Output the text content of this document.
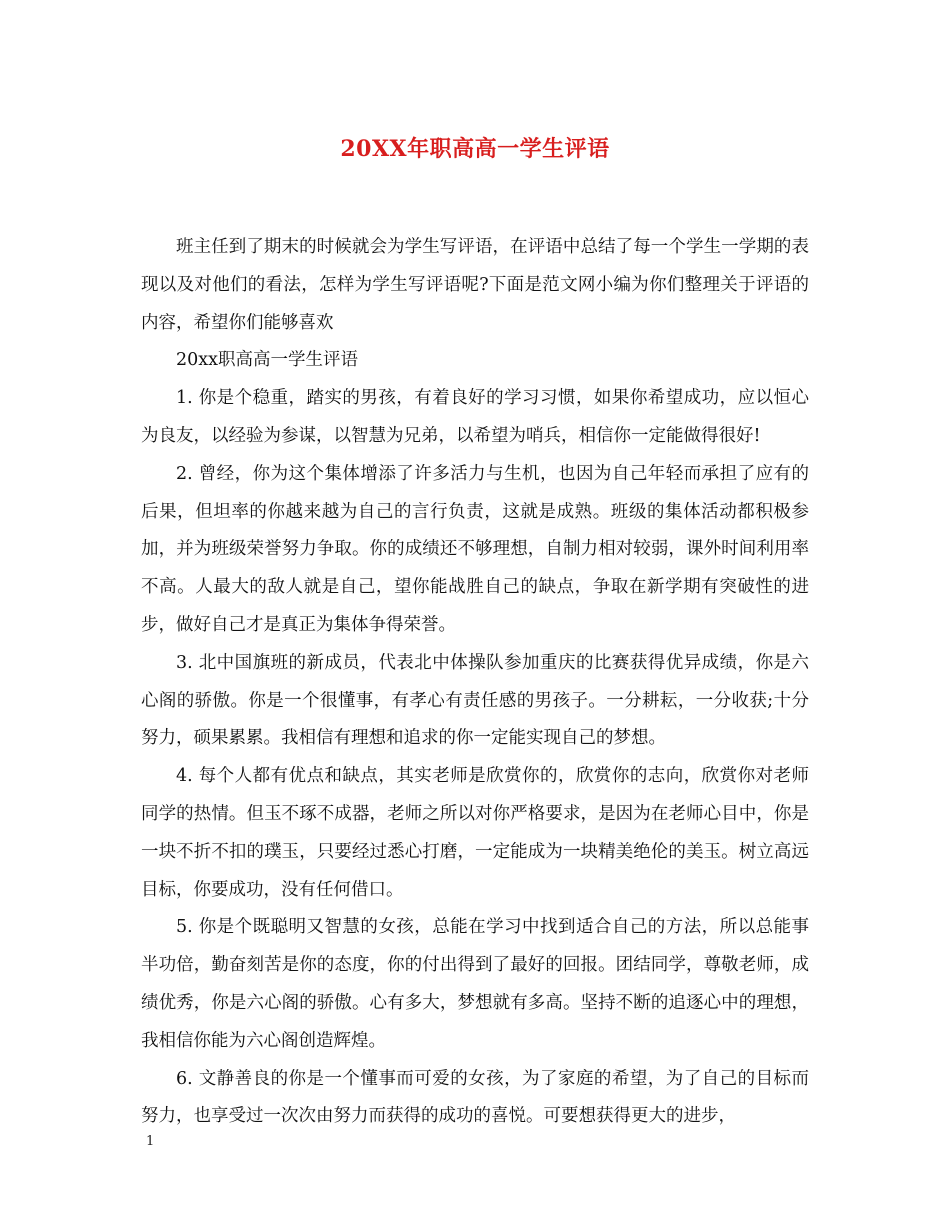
20XX年职高高一学生评语

班主任到了期末的时候就会为学生写评语，在评语中总结了每一个学生一学期的表现以及对他们的看法，怎样为学生写评语呢?下面是范文网小编为你们整理关于评语的内容，希望你们能够喜欢

20xx职高高一学生评语

1. 你是个稳重，踏实的男孩，有着良好的学习习惯，如果你希望成功，应以恒心为良友，以经验为参谋，以智慧为兄弟，以希望为哨兵，相信你一定能做得很好!

2. 曾经，你为这个集体增添了许多活力与生机，也因为自己年轻而承担了应有的后果，但坦率的你越来越为自己的言行负责，这就是成熟。班级的集体活动都积极参加，并为班级荣誉努力争取。你的成绩还不够理想，自制力相对较弱，课外时间利用率不高。人最大的敌人就是自己，望你能战胜自己的缺点，争取在新学期有突破性的进步，做好自己才是真正为集体争得荣誉。

3. 北中国旗班的新成员，代表北中体操队参加重庆的比赛获得优异成绩，你是六心阁的骄傲。你是一个很懂事，有孝心有责任感的男孩子。一分耕耘，一分收获;十分努力，硕果累累。我相信有理想和追求的你一定能实现自己的梦想。

4. 每个人都有优点和缺点，其实老师是欣赏你的，欣赏你的志向，欣赏你对老师同学的热情。但玉不琢不成器，老师之所以对你严格要求，是因为在老师心目中，你是一块不折不扣的璞玉，只要经过悉心打磨，一定能成为一块精美绝伦的美玉。树立高远目标，你要成功，没有任何借口。

5. 你是个既聪明又智慧的女孩，总能在学习中找到适合自己的方法，所以总能事半功倍，勤奋刻苦是你的态度，你的付出得到了最好的回报。团结同学，尊敬老师，成绩优秀，你是六心阁的骄傲。心有多大，梦想就有多高。坚持不断的追逐心中的理想，我相信你能为六心阁创造辉煌。

6. 文静善良的你是一个懂事而可爱的女孩，为了家庭的希望，为了自己的目标而努力，也享受过一次次由努力而获得的成功的喜悦。可要想获得更大的进步，

1
